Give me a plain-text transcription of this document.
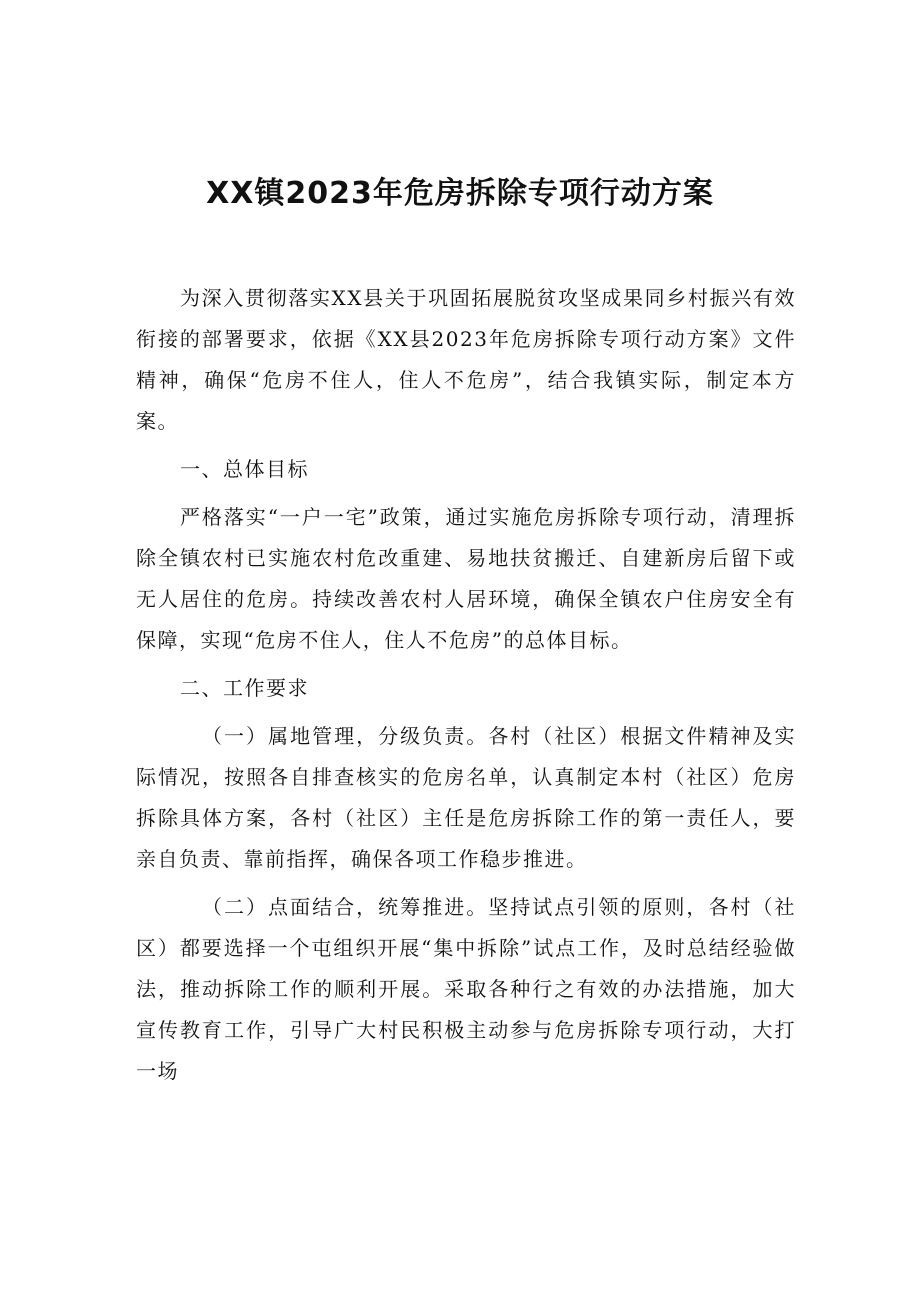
XX镇2023年危房拆除专项行动方案

为深入贯彻落实XX县关于巩固拓展脱贫攻坚成果同乡村振兴有效衔接的部署要求，依据《XX县2023年危房拆除专项行动方案》文件精神，确保“危房不住人，住人不危房”，结合我镇实际，制定本方案。

一、总体目标

严格落实“一户一宅”政策，通过实施危房拆除专项行动，清理拆除全镇农村已实施农村危改重建、易地扶贫搬迁、自建新房后留下或无人居住的危房。持续改善农村人居环境，确保全镇农户住房安全有保障，实现“危房不住人，住人不危房”的总体目标。

二、工作要求

（一）属地管理，分级负责。各村（社区）根据文件精神及实际情况，按照各自排查核实的危房名单，认真制定本村（社区）危房拆除具体方案，各村（社区）主任是危房拆除工作的第一责任人，要亲自负责、靠前指挥，确保各项工作稳步推进。

（二）点面结合，统筹推进。坚持试点引领的原则，各村（社区）都要选择一个屯组织开展“集中拆除”试点工作，及时总结经验做法，推动拆除工作的顺利开展。采取各种行之有效的办法措施，加大宣传教育工作，引导广大村民积极主动参与危房拆除专项行动，大打一场
